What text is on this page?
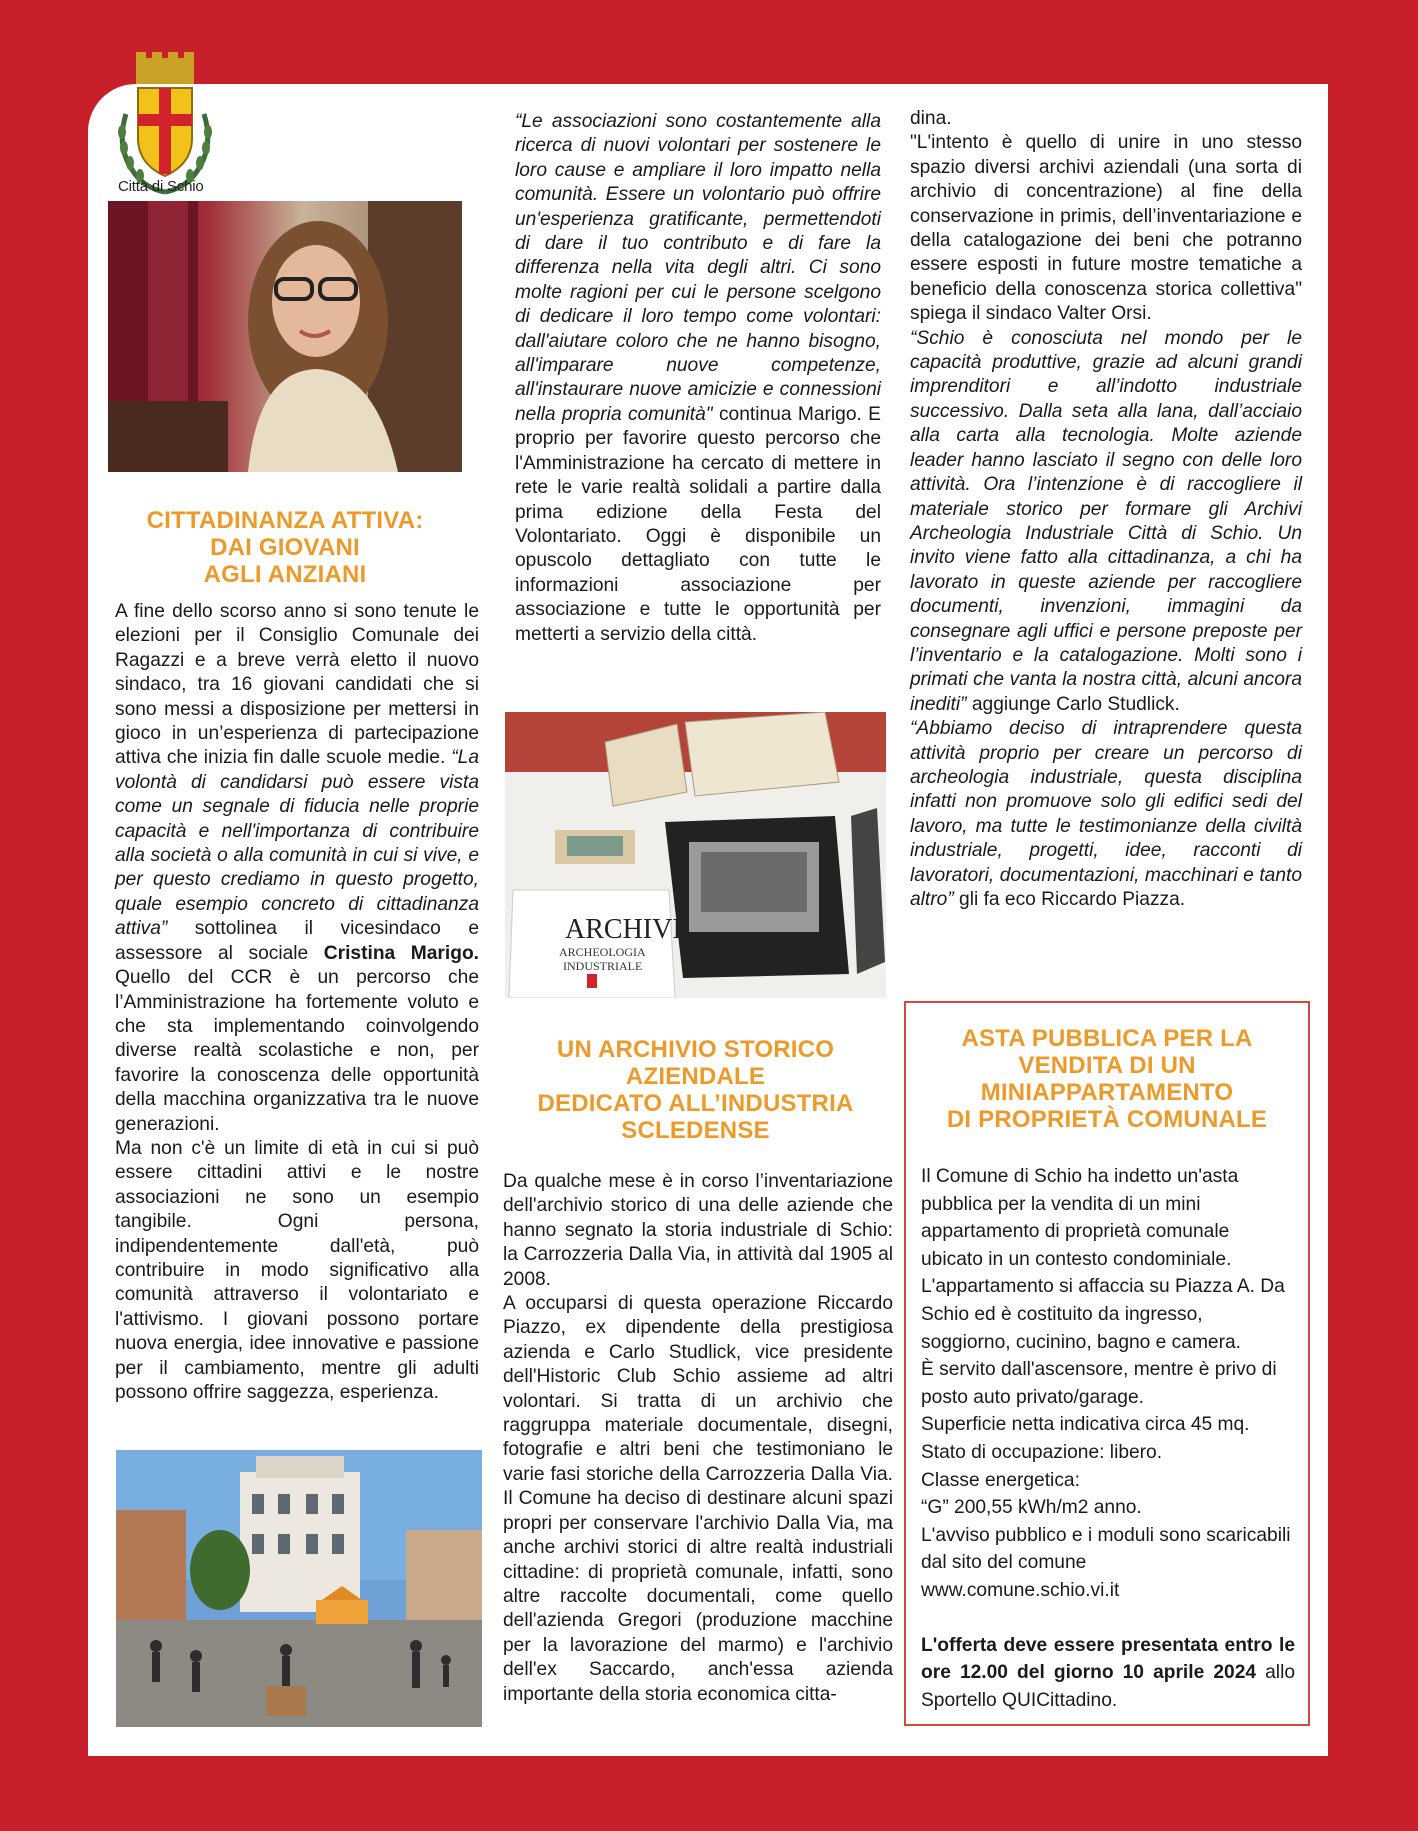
Città di Schio
CITTADINANZA ATTIVA:
DAI GIOVANI
AGLI ANZIANI

A fine dello scorso anno si sono tenute le elezioni per il Consiglio Comunale dei Ragazzi e a breve verrà eletto il nuovo sindaco, tra 16 giovani candidati che si sono messi a disposizione per mettersi in gioco in un’esperienza di partecipazione attiva che inizia fin dalle scuole medie. “La volontà di candidarsi può essere vista come un segnale di fiducia nelle proprie capacità e nell'importanza di contribuire alla società o alla comunità in cui si vive, e per questo crediamo in questo progetto, quale esempio concreto di cittadinanza attiva” sottolinea il vicesindaco e assessore al sociale Cristina Marigo. Quello del CCR è un percorso che l’Amministrazione ha fortemente voluto e che sta implementando coinvolgendo diverse realtà scolastiche e non, per favorire la conoscenza delle opportunità della macchina organizzativa tra le nuove generazioni.

Ma non c'è un limite di età in cui si può essere cittadini attivi e le nostre associazioni ne sono un esempio tangibile. Ogni persona, indipendentemente dall'età, può contribuire in modo significativo alla comunità attraverso il volontariato e l'attivismo. I giovani possono portare nuova energia, idee innovative e passione per il cambiamento, mentre gli adulti possono offrire saggezza, esperienza.

“Le associazioni sono costantemente alla ricerca di nuovi volontari per sostenere le loro cause e ampliare il loro impatto nella comunità. Essere un volontario può offrire un'esperienza gratificante, permettendoti di dare il tuo contributo e di fare la differenza nella vita degli altri. Ci sono molte ragioni per cui le persone scelgono di dedicare il loro tempo come volontari: dall'aiutare coloro che ne hanno bisogno, all'imparare nuove competenze, all'instaurare nuove amicizie e connessioni nella propria comunità" continua Marigo. E proprio per favorire questo percorso che l'Amministrazione ha cercato di mettere in rete le varie realtà solidali a partire dalla prima edizione della Festa del Volontariato. Oggi è disponibile un opuscolo dettagliato con tutte le informazioni associazione per associazione e tutte le opportunità per metterti a servizio della città.

ARCHIVI
ARCHEOLOGIA
INDUSTRIALE
UN ARCHIVIO STORICO
AZIENDALE
DEDICATO ALL’INDUSTRIA
SCLEDENSE

Da qualche mese è in corso l’inventariazione dell'archivio storico di una delle aziende che hanno segnato la storia industriale di Schio: la Carrozzeria Dalla Via, in attività dal 1905 al 2008.

A occuparsi di questa operazione Riccardo Piazzo, ex dipendente della prestigiosa azienda e Carlo Studlick, vice presidente dell'Historic Club Schio assieme ad altri volontari. Si tratta di un archivio che raggruppa materiale documentale, disegni, fotografie e altri beni che testimoniano le varie fasi storiche della Carrozzeria Dalla Via. Il Comune ha deciso di destinare alcuni spazi propri per conservare l'archivio Dalla Via, ma anche archivi storici di altre realtà industriali cittadine: di proprietà comunale, infatti, sono altre raccolte documentali, come quello dell'azienda Gregori (produzione macchine per la lavorazione del marmo) e l'archivio dell'ex Saccardo, anch'essa azienda importante della storia economica citta-

dina.

"L'intento è quello di unire in uno stesso spazio diversi archivi aziendali (una sorta di archivio di concentrazione) al fine della conservazione in primis, dell’inventariazione e della catalogazione dei beni che potranno essere esposti in future mostre tematiche a beneficio della conoscenza storica collettiva" spiega il sindaco Valter Orsi.

“Schio è conosciuta nel mondo per le capacità produttive, grazie ad alcuni grandi imprenditori e all’indotto industriale successivo. Dalla seta alla lana, dall’acciaio alla carta alla tecnologia. Molte aziende leader hanno lasciato il segno con delle loro attività. Ora l’intenzione è di raccogliere il materiale storico per formare gli Archivi Archeologia Industriale Città di Schio. Un invito viene fatto alla cittadinanza, a chi ha lavorato in queste aziende per raccogliere documenti, invenzioni, immagini da consegnare agli uffici e persone preposte per l’inventario e la catalogazione. Molti sono i primati che vanta la nostra città, alcuni ancora inediti” aggiunge Carlo Studlick.

“Abbiamo deciso di intraprendere questa attività proprio per creare un percorso di archeologia industriale, questa disciplina infatti non promuove solo gli edifici sedi del lavoro, ma tutte le testimonianze della civiltà industriale, progetti, idee, racconti di lavoratori, documentazioni, macchinari e tanto altro” gli fa eco Riccardo Piazza.

ASTA PUBBLICA PER LA
VENDITA DI UN
MINIAPPARTAMENTO
DI PROPRIETÀ COMUNALE

Il Comune di Schio ha indetto un'asta pubblica per la vendita di un mini appartamento di proprietà comunale ubicato in un contesto condominiale.

L'appartamento si affaccia su Piazza A. Da Schio ed è costituito da ingresso, soggiorno, cucinino, bagno e camera.

È servito dall'ascensore, mentre è privo di posto auto privato/garage.

Superficie netta indicativa circa 45 mq.

Stato di occupazione: libero.

Classe energetica:

“G” 200,55 kWh/m2 anno.

L'avviso pubblico e i moduli sono scaricabili dal sito del comune

www.comune.schio.vi.it

L'offerta deve essere presentata entro le ore 12.00 del giorno 10 aprile 2024 allo Sportello QUICittadino.
